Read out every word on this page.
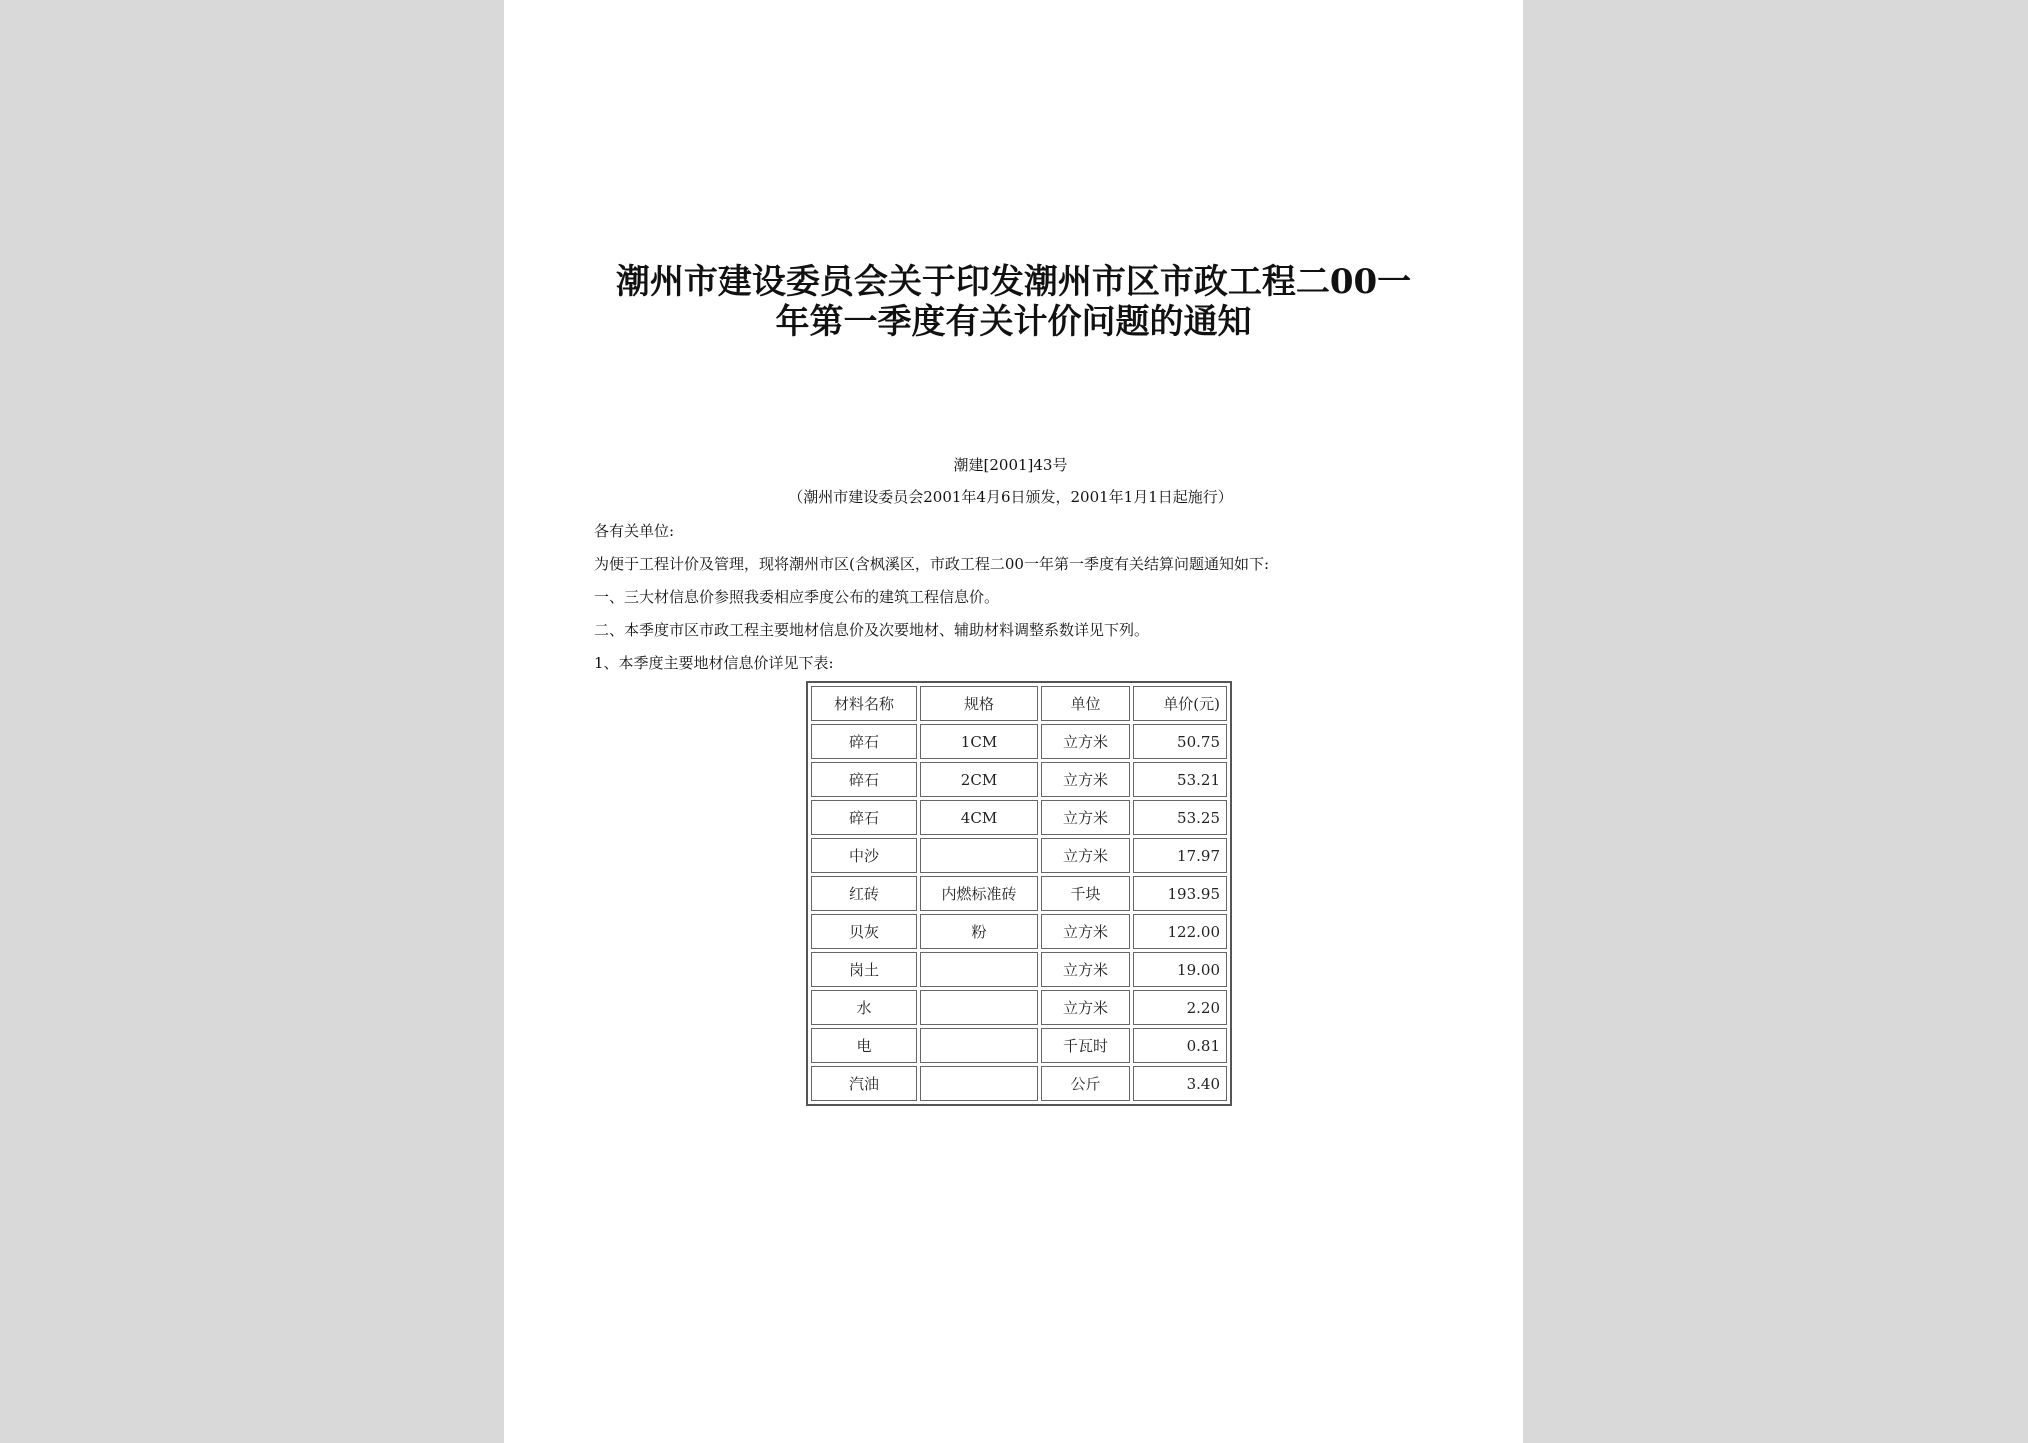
潮州市建设委员会关于印发潮州市区市政工程二00一
年第一季度有关计价问题的通知
潮建[2001]43号
（潮州市建设委员会2001年4月6日颁发，2001年1月1日起施行）
各有关单位:
为便于工程计价及管理，现将潮州市区(含枫溪区，市政工程二00一年第一季度有关结算问题通知如下:
一、三大材信息价参照我委相应季度公布的建筑工程信息价。
二、本季度市区市政工程主要地材信息价及次要地材、辅助材料调整系数详见下列。
1、本季度主要地材信息价详见下表:
材料名称	规格	单位	单价(元)
碎石	1CM	立方米	50.75
碎石	2CM	立方米	53.21
碎石	4CM	立方米	53.25
中沙		立方米	17.97
红砖	内燃标准砖	千块	193.95
贝灰	粉	立方米	122.00
岗土		立方米	19.00
水		立方米	2.20
电		千瓦时	0.81
汽油		公斤	3.40
